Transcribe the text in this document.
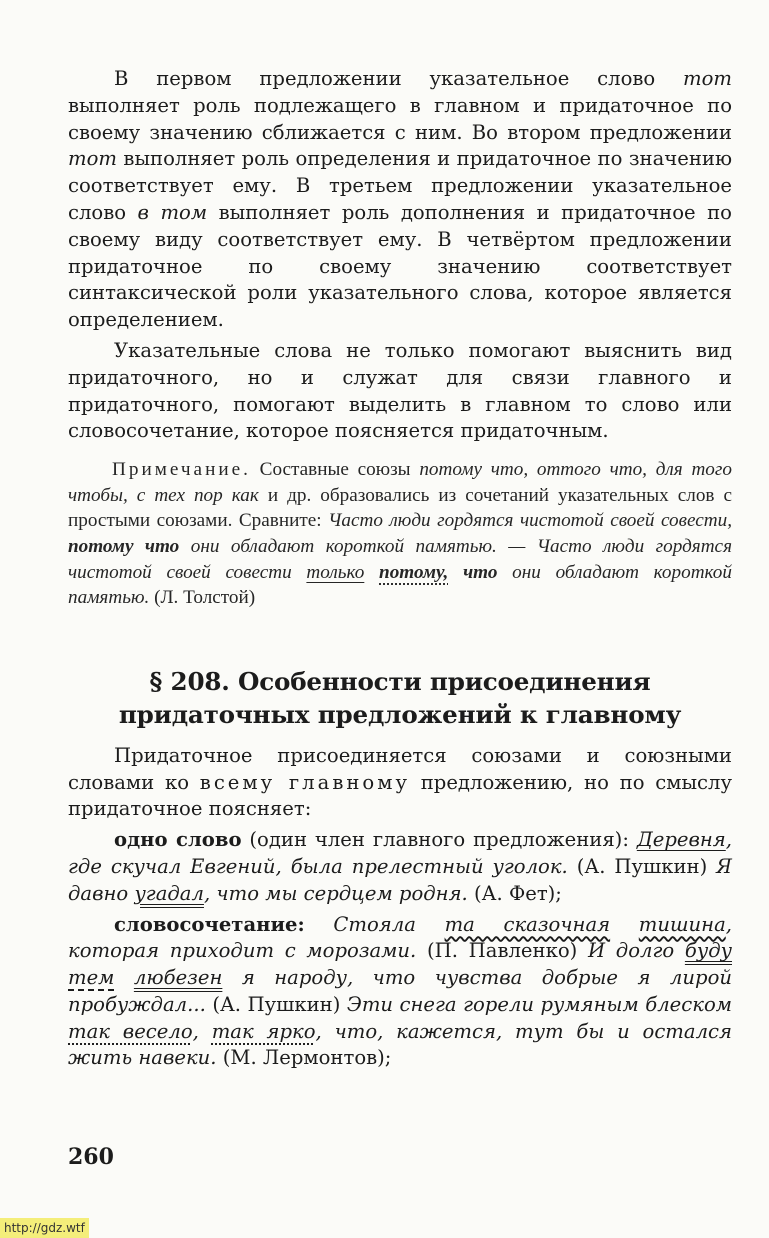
В первом предложении указательное слово тот выполняет роль подлежащего в главном и придаточное по своему значению сближается с ним. Во втором предложении тот выполняет роль определения и придаточное по значению соответствует ему. В третьем предложении указательное слово в том выполняет роль дополнения и придаточное по своему виду соответствует ему. В четвёртом предложении придаточное по своему значению соответствует синтаксической роли указательного слова, которое является определением.

Указательные слова не только помогают выяснить вид придаточного, но и служат для связи главного и придаточного, помогают выделить в главном то слово или словосочетание, которое поясняется придаточным.

Примечание. Составные союзы потому что, оттого что, для того чтобы, с тех пор как и др. образовались из сочетаний указательных слов с простыми союзами. Сравните: Часто люди гордятся чистотой своей совести, потому что они обладают короткой памятью. — Часто люди гордятся чистотой своей совести только потому, что они обладают короткой памятью. (Л. Толстой)

§ 208. Особенности присоединения
придаточных предложений к главному

Придаточное присоединяется союзами и союзными словами ко всему главному предложению, но по смыслу придаточное поясняет:

одно слово (один член главного предложения): Деревня, где скучал Евгений, была прелестный уголок. (А. Пушкин) Я давно угадал, что мы сердцем родня. (А. Фет);

словосочетание: Стояла та сказочная тишина, которая приходит с морозами. (П. Павленко) И долго буду тем любезен я народу, что чувства добрые я лирой пробуждал... (А. Пушкин) Эти снега горели румяным блеском так весело, так ярко, что, кажется, тут бы и остался жить навеки. (М. Лермонтов);

260
http://gdz.wtf
